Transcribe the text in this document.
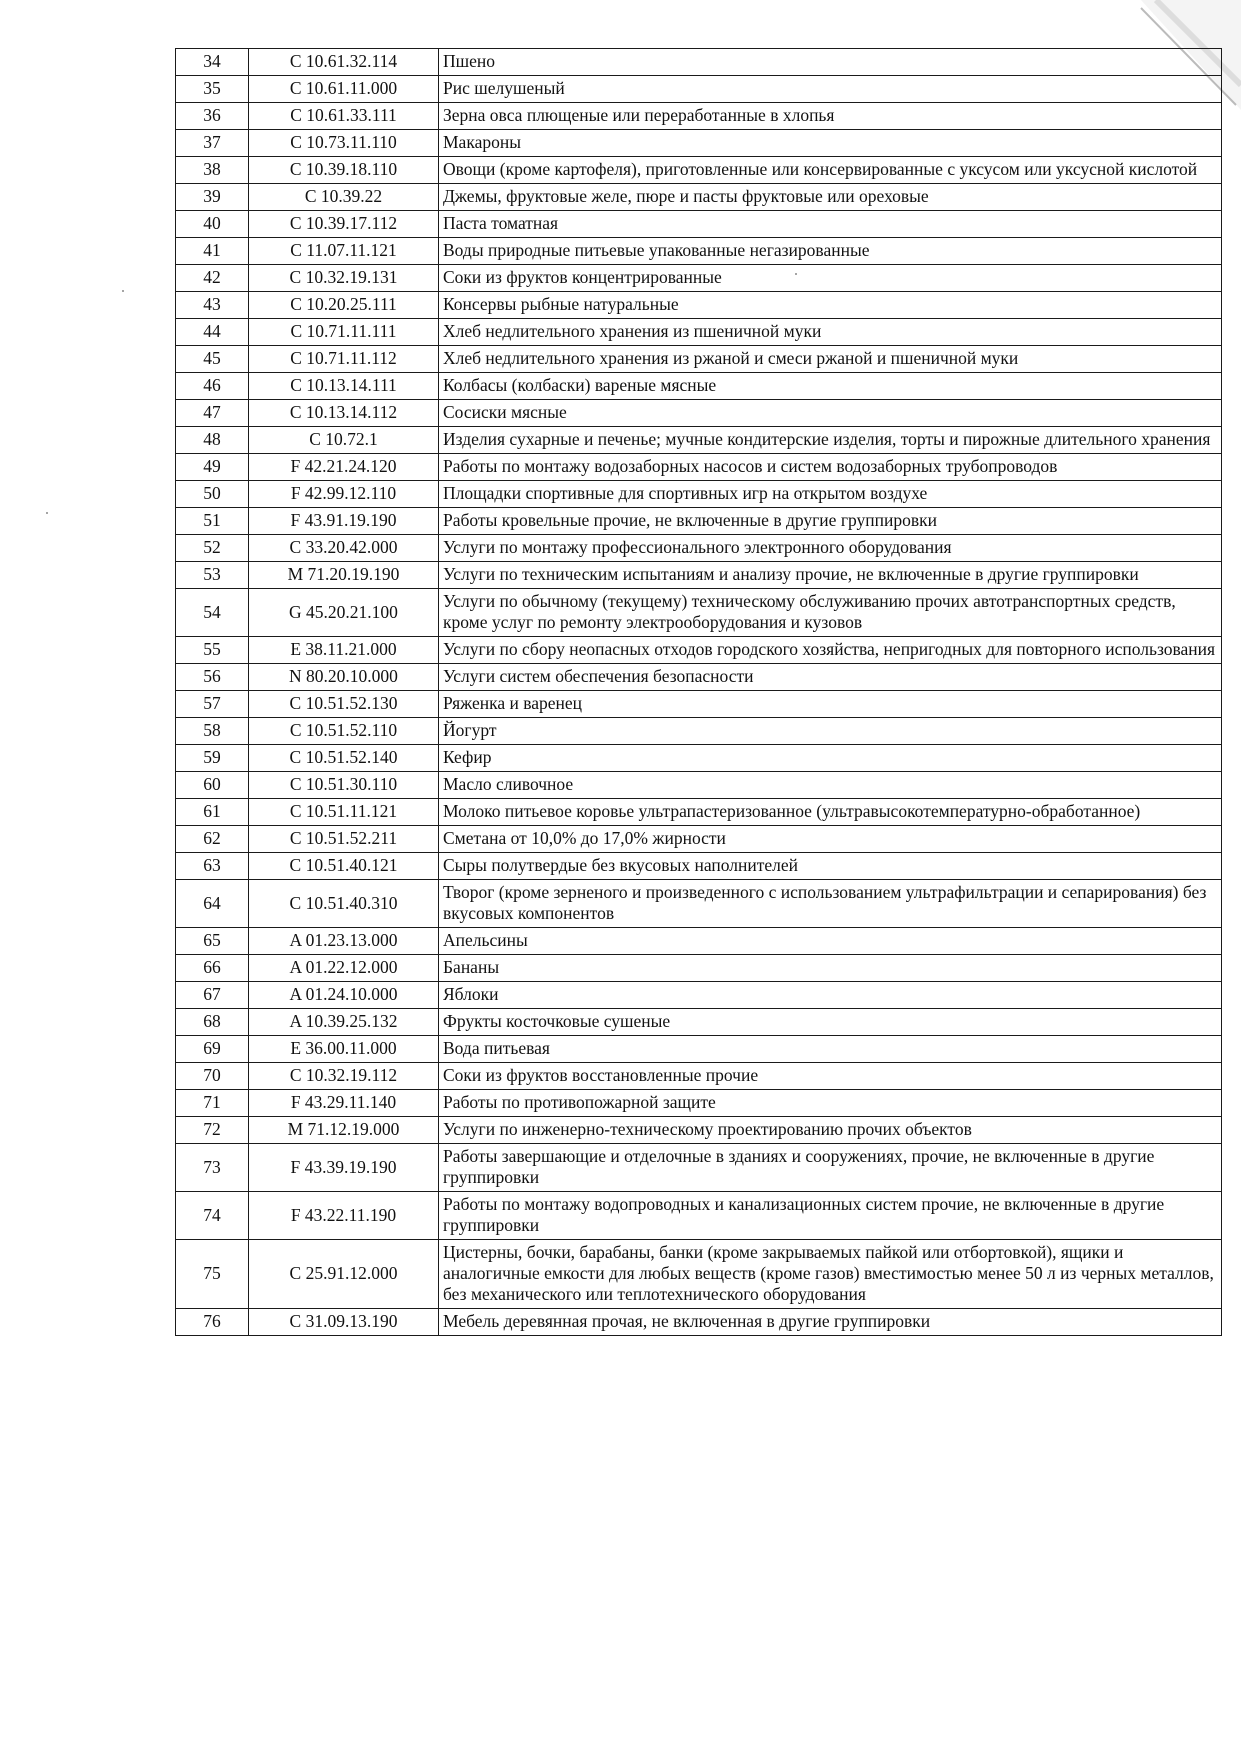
34	C 10.61.32.114	Пшено
35	C 10.61.11.000	Рис шелушеный
36	C 10.61.33.111	Зерна овса плющеные или переработанные в хлопья
37	C 10.73.11.110	Макароны
38	C 10.39.18.110	Овощи (кроме картофеля), приготовленные или консервированные с уксусом или уксусной кислотой
39	C 10.39.22	Джемы, фруктовые желе, пюре и пасты фруктовые или ореховые
40	C 10.39.17.112	Паста томатная
41	C 11.07.11.121	Воды природные питьевые упакованные негазированные
42	C 10.32.19.131	Соки из фруктов концентрированные
43	C 10.20.25.111	Консервы рыбные натуральные
44	C 10.71.11.111	Хлеб недлительного хранения из пшеничной муки
45	C 10.71.11.112	Хлеб недлительного хранения из ржаной и смеси ржаной и пшеничной муки
46	C 10.13.14.111	Колбасы (колбаски) вареные мясные
47	C 10.13.14.112	Сосиски мясные
48	C 10.72.1	Изделия сухарные и печенье; мучные кондитерские изделия, торты и пирожные длительного хранения
49	F 42.21.24.120	Работы по монтажу водозаборных насосов и систем водозаборных трубопроводов
50	F 42.99.12.110	Площадки спортивные для спортивных игр на открытом воздухе
51	F 43.91.19.190	Работы кровельные прочие, не включенные в другие группировки
52	C 33.20.42.000	Услуги по монтажу профессионального электронного оборудования
53	M 71.20.19.190	Услуги по техническим испытаниям и анализу прочие, не включенные в другие группировки
54	G 45.20.21.100	Услуги по обычному (текущему) техническому обслуживанию прочих автотранспортных средств, кроме услуг по ремонту электрооборудования и кузовов
55	E 38.11.21.000	Услуги по сбору неопасных отходов городского хозяйства, непригодных для повторного использования
56	N 80.20.10.000	Услуги систем обеспечения безопасности
57	C 10.51.52.130	Ряженка и варенец
58	C 10.51.52.110	Йогурт
59	C 10.51.52.140	Кефир
60	C 10.51.30.110	Масло сливочное
61	C 10.51.11.121	Молоко питьевое коровье ультрапастеризованное (ультравысокотемпературно-обработанное)
62	C 10.51.52.211	Сметана от 10,0% до 17,0% жирности
63	C 10.51.40.121	Сыры полутвердые без вкусовых наполнителей
64	C 10.51.40.310	Творог (кроме зерненого и произведенного с использованием ультрафильтрации и сепарирования) без вкусовых компонентов
65	A 01.23.13.000	Апельсины
66	A 01.22.12.000	Бананы
67	A 01.24.10.000	Яблоки
68	A 10.39.25.132	Фрукты косточковые сушеные
69	E 36.00.11.000	Вода питьевая
70	C 10.32.19.112	Соки из фруктов восстановленные прочие
71	F 43.29.11.140	Работы по противопожарной защите
72	M 71.12.19.000	Услуги по инженерно-техническому проектированию прочих объектов
73	F 43.39.19.190	Работы завершающие и отделочные в зданиях и сооружениях, прочие, не включенные в другие группировки
74	F 43.22.11.190	Работы по монтажу водопроводных и канализационных систем прочие, не включенные в другие группировки
75	C 25.91.12.000	Цистерны, бочки, барабаны, банки (кроме закрываемых пайкой или отбортовкой), ящики и аналогичные емкости для любых веществ (кроме газов) вместимостью менее 50 л из черных металлов, без механического или теплотехнического оборудования
76	C 31.09.13.190	Мебель деревянная прочая, не включенная в другие группировки
